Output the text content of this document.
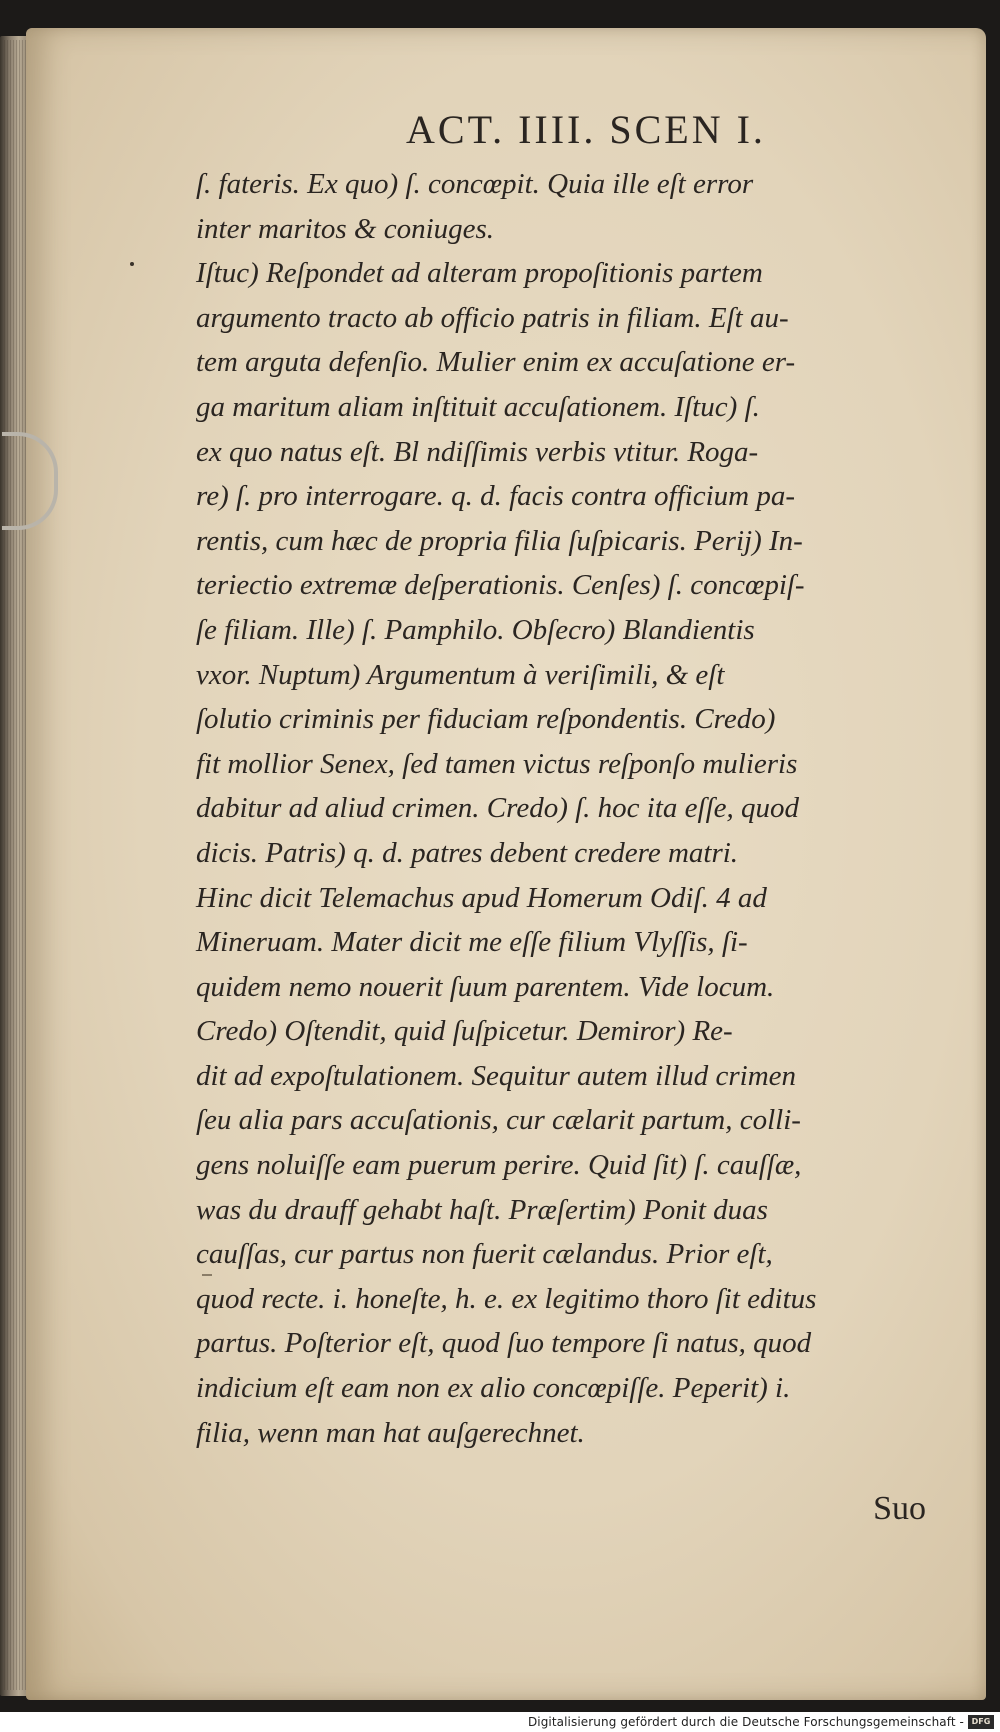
ACT. IIII. SCEN I.

ſ. fateris. Ex quo) ſ. concœpit. Quia ille eſt error
inter maritos & coniuges.
Iſtuc) Reſpondet ad alteram propoſitionis partem
argumento tracto ab officio patris in filiam. Eſt au-
tem arguta defenſio. Mulier enim ex accuſatione er-
ga maritum aliam inſtituit accuſationem. Iſtuc) ſ.
ex quo natus eſt. Bl ndiſſimis verbis vtitur. Roga-
re) ſ. pro interrogare. q. d. facis contra officium pa-
rentis, cum hæc de propria filia ſuſpicaris. Perij) In-
teriectio extremæ deſperationis. Cenſes) ſ. concœpiſ-
ſe filiam. Ille) ſ. Pamphilo. Obſecro) Blandientis
vxor. Nuptum) Argumentum à veriſimili, & eſt
ſolutio criminis per fiduciam reſpondentis. Credo)
fit mollior Senex, ſed tamen victus reſponſo mulieris
dabitur ad aliud crimen. Credo) ſ. hoc ita eſſe, quod
dicis. Patris) q. d. patres debent credere matri.
Hinc dicit Telemachus apud Homerum Odiſ. 4 ad
Mineruam. Mater dicit me eſſe filium Vlyſſis, ſi-
quidem nemo nouerit ſuum parentem. Vide locum.
Credo) Oſtendit, quid ſuſpicetur. Demiror) Re-
dit ad expoſtulationem. Sequitur autem illud crimen
ſeu alia pars accuſationis, cur cælarit partum, colli-
gens noluiſſe eam puerum perire. Quid ſit) ſ. cauſſæ,
was du drauff gehabt haſt. Præſertim) Ponit duas
cauſſas, cur partus non fuerit cælandus. Prior eſt,
quod recte. i. honeſte, h. e. ex legitimo thoro ſit editus
partus. Poſterior eſt, quod ſuo tempore ſi natus, quod
indicium eſt eam non ex alio concœpiſſe. Peperit) i.
filia, wenn man hat auſgerechnet.

Suo
Digitalisierung gefördert durch die Deutsche Forschungsgemeinschaft - DFG
